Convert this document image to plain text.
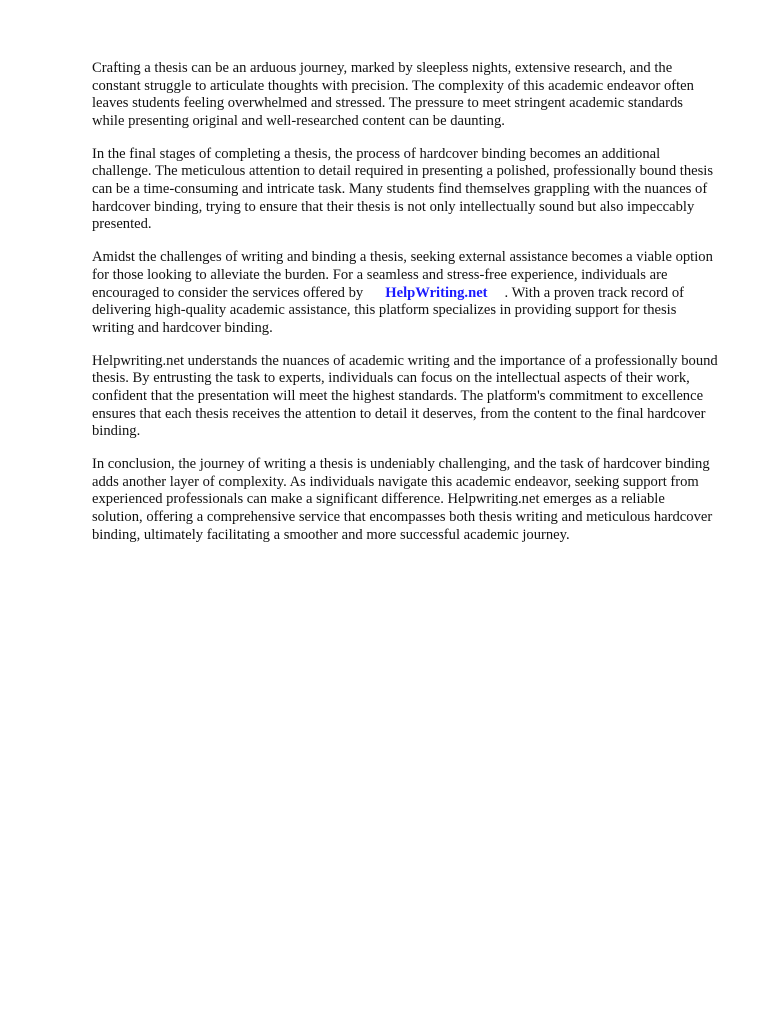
Crafting a thesis can be an arduous journey, marked by sleepless nights, extensive research, and the constant struggle to articulate thoughts with precision. The complexity of this academic endeavor often leaves students feeling overwhelmed and stressed. The pressure to meet stringent academic standards while presenting original and well-researched content can be daunting.

In the final stages of completing a thesis, the process of hardcover binding becomes an additional challenge. The meticulous attention to detail required in presenting a polished, professionally bound thesis can be a time-consuming and intricate task. Many students find themselves grappling with the nuances of hardcover binding, trying to ensure that their thesis is not only intellectually sound but also impeccably presented.

Amidst the challenges of writing and binding a thesis, seeking external assistance becomes a viable option for those looking to alleviate the burden. For a seamless and stress-free experience, individuals are encouraged to consider the services offered by HelpWriting.net . With a proven track record of delivering high-quality academic assistance, this platform specializes in providing support for thesis writing and hardcover binding.

Helpwriting.net understands the nuances of academic writing and the importance of a professionally bound thesis. By entrusting the task to experts, individuals can focus on the intellectual aspects of their work, confident that the presentation will meet the highest standards. The platform's commitment to excellence ensures that each thesis receives the attention to detail it deserves, from the content to the final hardcover binding.

In conclusion, the journey of writing a thesis is undeniably challenging, and the task of hardcover binding adds another layer of complexity. As individuals navigate this academic endeavor, seeking support from experienced professionals can make a significant difference. Helpwriting.net emerges as a reliable solution, offering a comprehensive service that encompasses both thesis writing and meticulous hardcover binding, ultimately facilitating a smoother and more successful academic journey.
